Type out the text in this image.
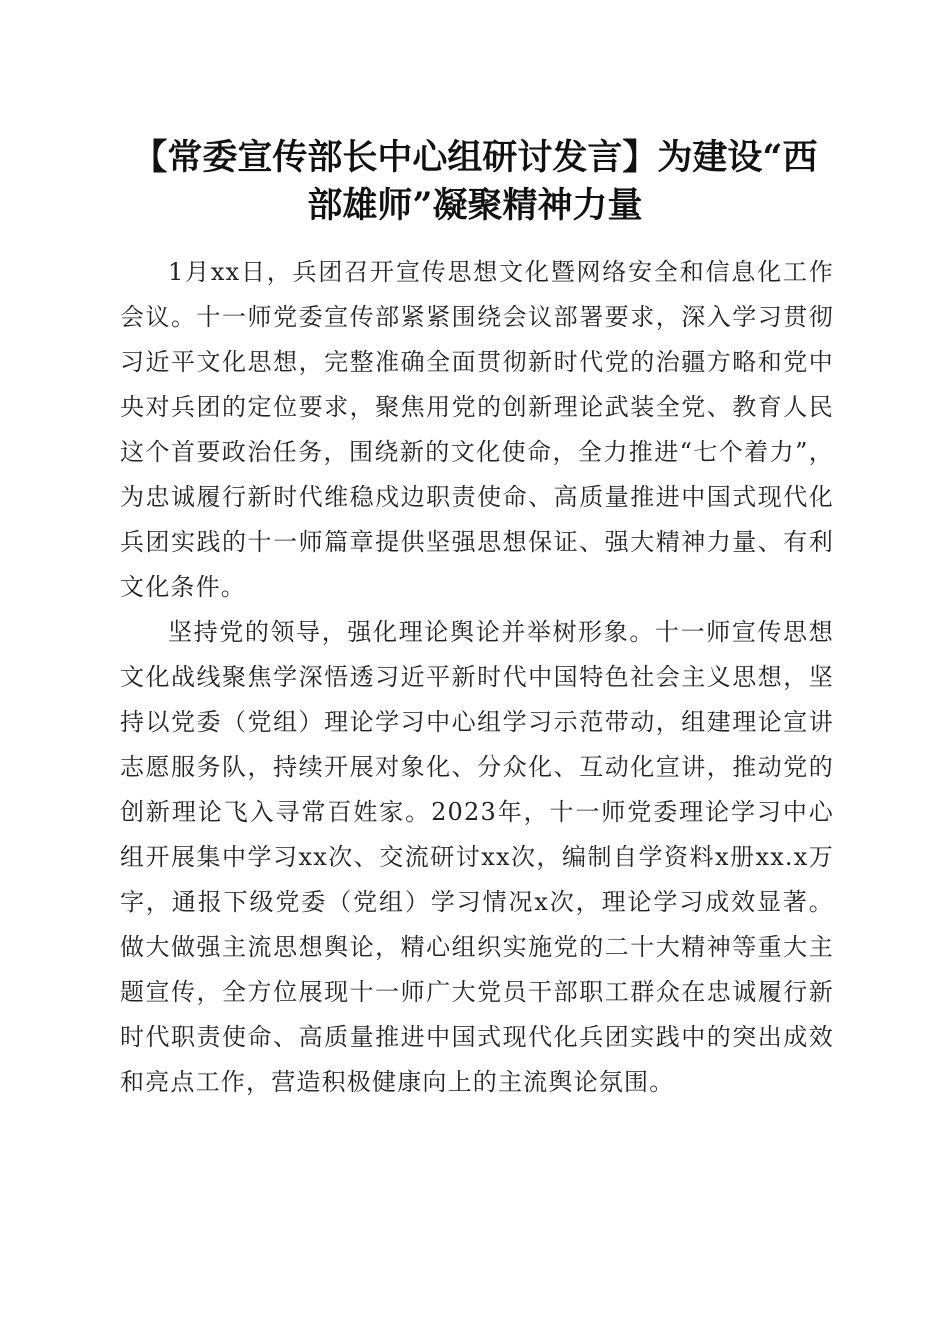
【常委宣传部长中心组研讨发言】为建设“西部雄师”凝聚精神力量

1月xx日，兵团召开宣传思想文化暨网络安全和信息化工作会议。十一师党委宣传部紧紧围绕会议部署要求，深入学习贯彻习近平文化思想，完整准确全面贯彻新时代党的治疆方略和党中央对兵团的定位要求，聚焦用党的创新理论武装全党、教育人民这个首要政治任务，围绕新的文化使命，全力推进“七个着力”，为忠诚履行新时代维稳戍边职责使命、高质量推进中国式现代化兵团实践的十一师篇章提供坚强思想保证、强大精神力量、有利文化条件。

坚持党的领导，强化理论舆论并举树形象。十一师宣传思想文化战线聚焦学深悟透习近平新时代中国特色社会主义思想，坚持以党委（党组）理论学习中心组学习示范带动，组建理论宣讲志愿服务队，持续开展对象化、分众化、互动化宣讲，推动党的创新理论飞入寻常百姓家。2023年，十一师党委理论学习中心组开展集中学习xx次、交流研讨xx次，编制自学资料x册xx.x万字，通报下级党委（党组）学习情况x次，理论学习成效显著。做大做强主流思想舆论，精心组织实施党的二十大精神等重大主题宣传，全方位展现十一师广大党员干部职工群众在忠诚履行新时代职责使命、高质量推进中国式现代化兵团实践中的突出成效和亮点工作，营造积极健康向上的主流舆论氛围。
